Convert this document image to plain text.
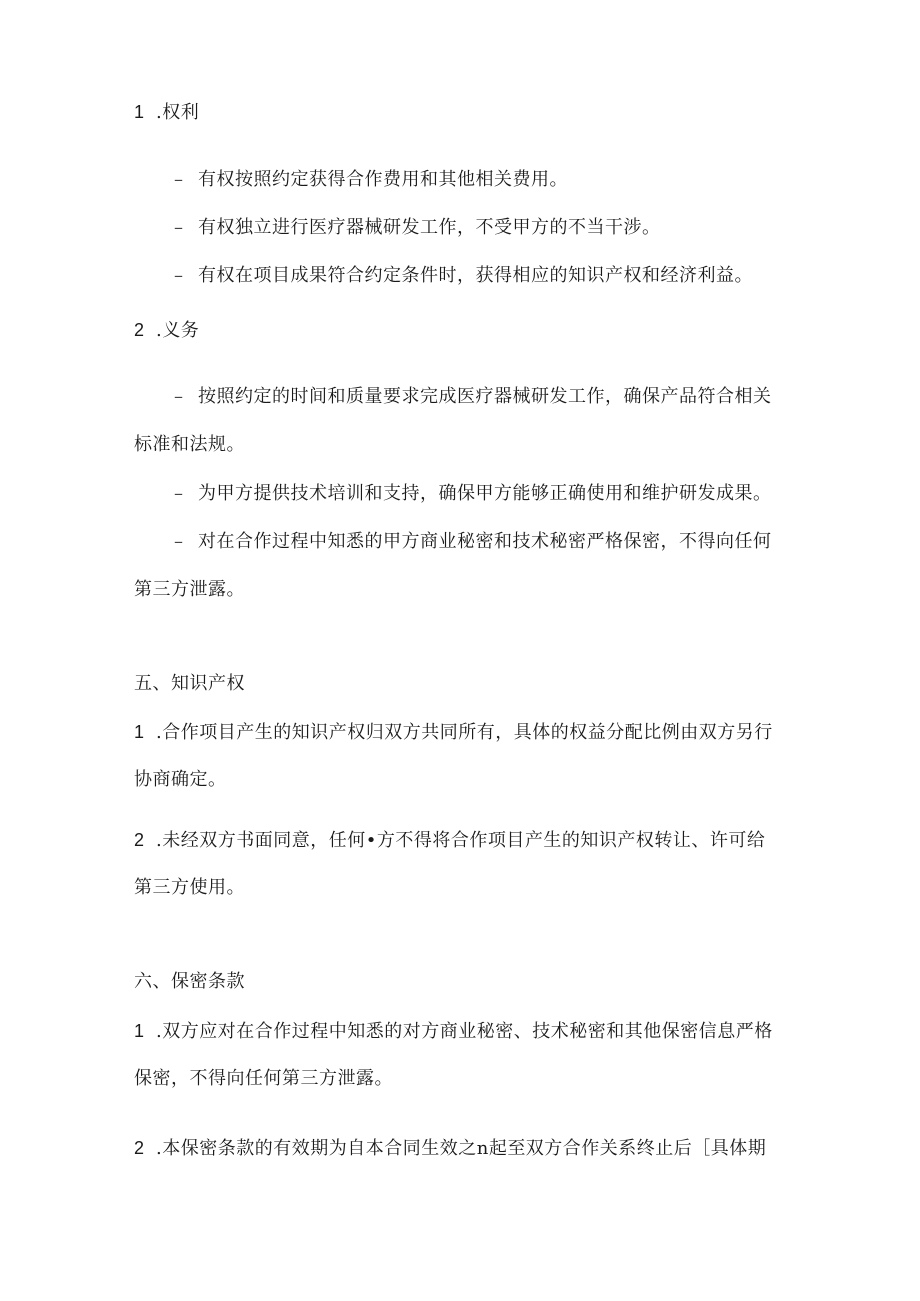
1 .权利
– 有权按照约定获得合作费用和其他相关费用。
– 有权独立进行医疗器械研发工作，不受甲方的不当干涉。
– 有权在项目成果符合约定条件时，获得相应的知识产权和经济利益。
2 .义务
– 按照约定的时间和质量要求完成医疗器械研发工作，确保产品符合相关
标准和法规。
– 为甲方提供技术培训和支持，确保甲方能够正确使用和维护研发成果。
– 对在合作过程中知悉的甲方商业秘密和技术秘密严格保密，不得向任何
第三方泄露。
五、知识产权
1 .合作项目产生的知识产权归双方共同所有，具体的权益分配比例由双方另行
协商确定。
2 .未经双方书面同意，任何•方不得将合作项目产生的知识产权转让、许可给
第三方使用。
六、保密条款
1 .双方应对在合作过程中知悉的对方商业秘密、技术秘密和其他保密信息严格
保密，不得向任何第三方泄露。
2 .本保密条款的有效期为自本合同生效之n起至双方合作关系终止后［具体期
